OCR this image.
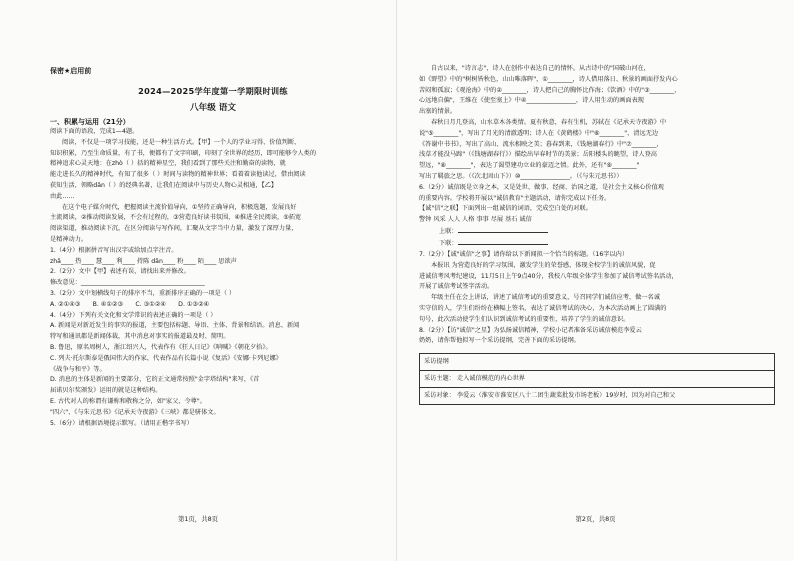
保密★启用前
2024—2025学年度第一学期限时训练
八年级 语文
一、积累与运用（21分）

阅读下面的语段，完成1—4题。

阅读，不仅是一项学习技能，还是一种生活方式。【甲】一个人的学业习得、价值判断、

知识积累，乃至生命质量，有了书，便都有了文字印刷，印刻了全世界的经历，即可能够令人类的

精神追求心灵天地：在zhò（ ）括的精神星空，我们看到了那些关注和勤奋的读物，就

能走进长久的精神时代，有知了很多（ ）时间与读物的精神世界；看着着读他读过，借由阅读

获知生活，领略dǎn（ ）的经典名著，让我们在阅读中与历史人物心灵相通，【乙】

由此……

在这个电子媒介时代，把握阅读主流价值导向，①坚持正确导向，积极选题，发展良好

主流阅读，②推动阅读发展，不会有过程的，③营造良好读书氛围，④推进全民阅读，⑤拓宽

阅读渠道，推动阅读下沉，在区分阅读与写作间，汇聚从文字当中力量，激发了深厚力量，

是精神动力。

1.（4分）根据拼音写出汉字或给加点字注音。

zhǎ____ 热____ 慧____ 利____ 持陈 dǎn____ 粉____ 陌____ 思欲声

2.（2分）文中【甲】表述有误，请找出来并修改。

修改意见：________________________________________

3.（2分）文中划横线句子的排序不当，重新排序正确的一项是（ ）

A. ②①④③　　B. ④①②③　　C. ③①②④　　D. ①③②④

4.（4分）下列有关文化和文学常识的表述正确的一项是（ ）

A. 新闻是对新近发生的事实的报道，主要包括标题、导语、主体、背景和结语。消息、新闻

特写和通讯都是新闻体裁，其中消息对事实的报道最及时、简明。

B. 鲁迅，原名周树人，浙江绍兴人，代表作有《狂人日记》《呐喊》《朝花夕拾》。

C. 列夫·托尔斯泰是俄国伟大的作家，代表作品有长篇小说《复活》《安娜·卡列尼娜》

《战争与和平》等。

D. 消息的主体是新闻的主要部分，它的正文通常按照"金字塔结构"来写，《首

届诺贝尔奖颁发》运用的就是这种结构。

E. 古代对人的称谓有谦称和敬称之分，如"家父、令尊"。

"四六"、《与朱元思书》《记承天寺夜游》《三峡》都是骈体文。

5.（6分）请根据语境提示默写。（请用正楷字书写）

第1页，共8页

自古以来，"诗言志"，诗人在创作中表达自己的情怀。从古诗中的"国破山河在，

如《野望》中的"树树皆秋色，山山唯落晖"，①________，诗人借用落日、秋景的画面抒发内心

苦闷和孤寂；《观沧海》中的②________，诗人把自己的胸怀比作海；《饮酒》中的"③________，

心远地自偏"，王维在《使至塞上》中④________________，诗人用生动的画面表现

出塞的情景。

春秋日月几登高，山水草木各类情。夏有秋意，春有生机，苏轼在《记承天寺夜游》中

说"⑤________"，写出了月光的清澈透明；诗人在《黄鹤楼》中"⑥________"，清远无边

《答谢中书书》，写出了高山、流水相映之美；暮春到来，《钱塘湖春行》中"⑦________，

浅草才能没马蹄"（《钱塘湖春行》）描绘出早春时节的美景；岳阳楼头的眺望，诗人登高

望远，"⑧________"，表达了渴望建功立业的豪迈之情。此外，还有"⑨________"

写出了羁旅之思。（《次北固山下》）⑩________________。（《与朱元思书》）

6.（2分）诚信既是立身之本，又是处世、做事、经商、治国之道，是社会主义核心价值观

的重要内容。学校将开展以"诚信教育"主题活动，请你完成以下任务。

【诚"信"之联】下面列出一组诚信的词语，完成空白处的对联。

警钟 风采 人人 人格 事事 尽展 基石 诚信

上联：
下联：

7.（2分）【诚"诚信"之事】请你给以下新闻拟一个恰当的标题。（16字以内）

本报讯 为营造良好的学习氛围，激发学生的荣誉感，体现全校学生的诚信风貌，促

进诚信考风考纪建设，11月5日上午9点40分，我校八年级全体学生参加了诚信考试签名活动，

开展了诚信考试签字活动。

年级主任在会上讲话，讲述了诚信考试的重要意义，号召同学们诚信应考，做一名诚

实守信的人，学生们纷纷在横幅上签名，表达了诚信考试的决心，为本次活动画上了圆满的

句号，此次活动使学生们认识到诚信考试的重要性，培养了学生的诚信意识。

8.（2分）【访"诚信"之星】为弘扬诚信精神，学校小记者准备采访诚信模范李爱云

奶奶，请你帮他拟写一个采访提纲，完善下面的采访提纲。

采访提纲
采访主题： 走入诚信模范的内心世界
采访对象： 李爱云（淮安市淮安区八十二团生蔬菜批发市场老板）19岁时，因为对自己和父
第2页，共8页
